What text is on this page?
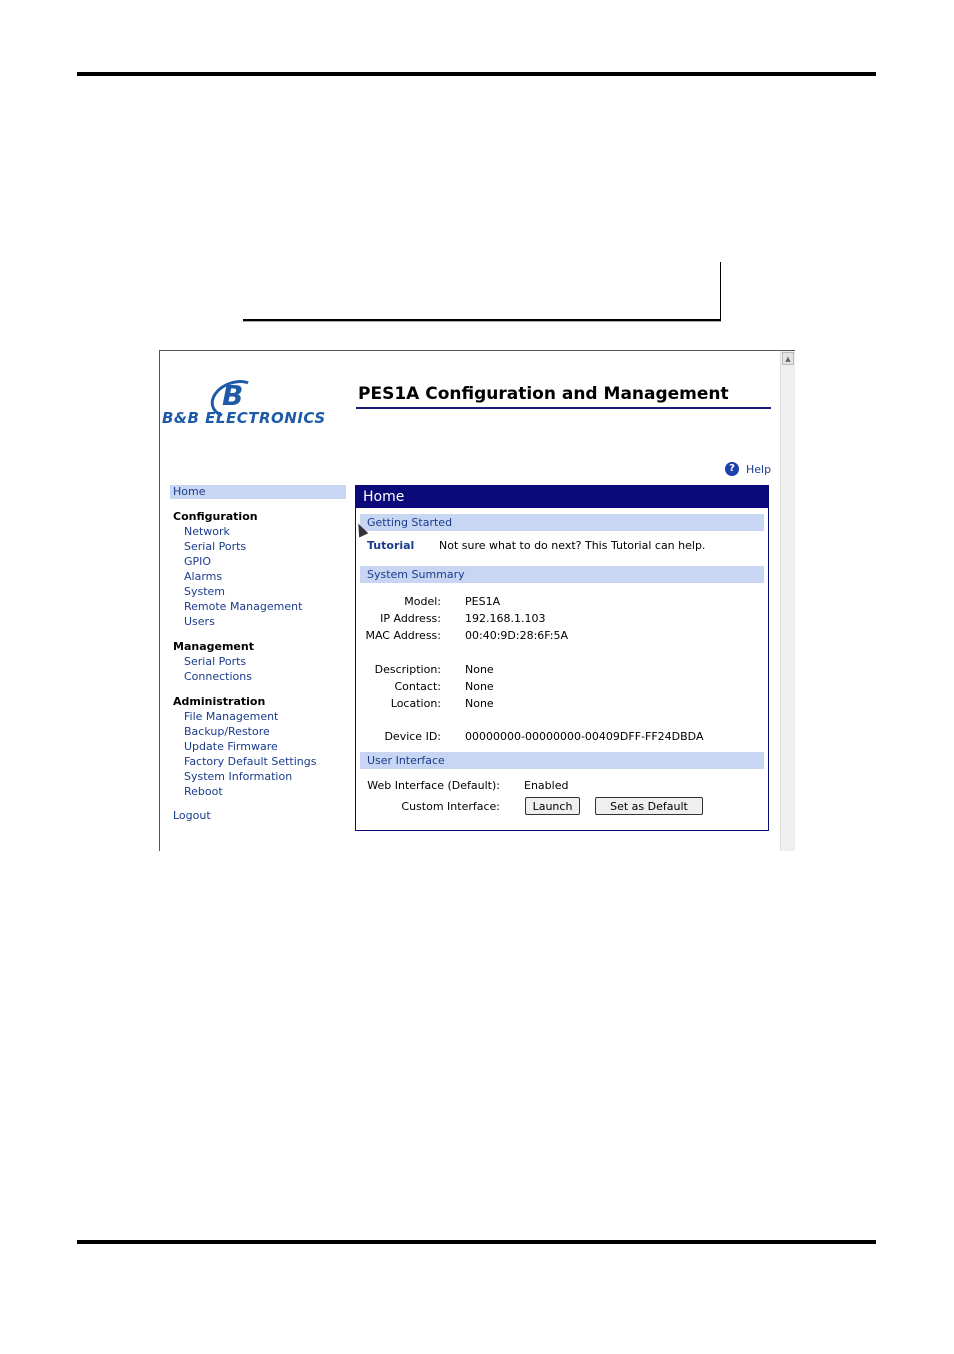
▲
B
B&B ELECTRONICS
PES1A Configuration and Management
?	Help
Home
Configuration
Network
Serial Ports
GPIO
Alarms
System
Remote Management
Users
Management
Serial Ports
Connections
Administration
File Management
Backup/Restore
Update Firmware
Factory Default Settings
System Information
Reboot
Logout
Home
Getting Started
Tutorial	Not sure what to do next? This Tutorial can help.
System Summary
Model: PES1A
IP Address: 192.168.1.103
MAC Address: 00:40:9D:28:6F:5A
Description: None
Contact: None
Location: None
Device ID: 00000000-00000000-00409DFF-FF24DBDA
User Interface
Web Interface (Default): Enabled
Custom Interface:	Launch	Set as Default
